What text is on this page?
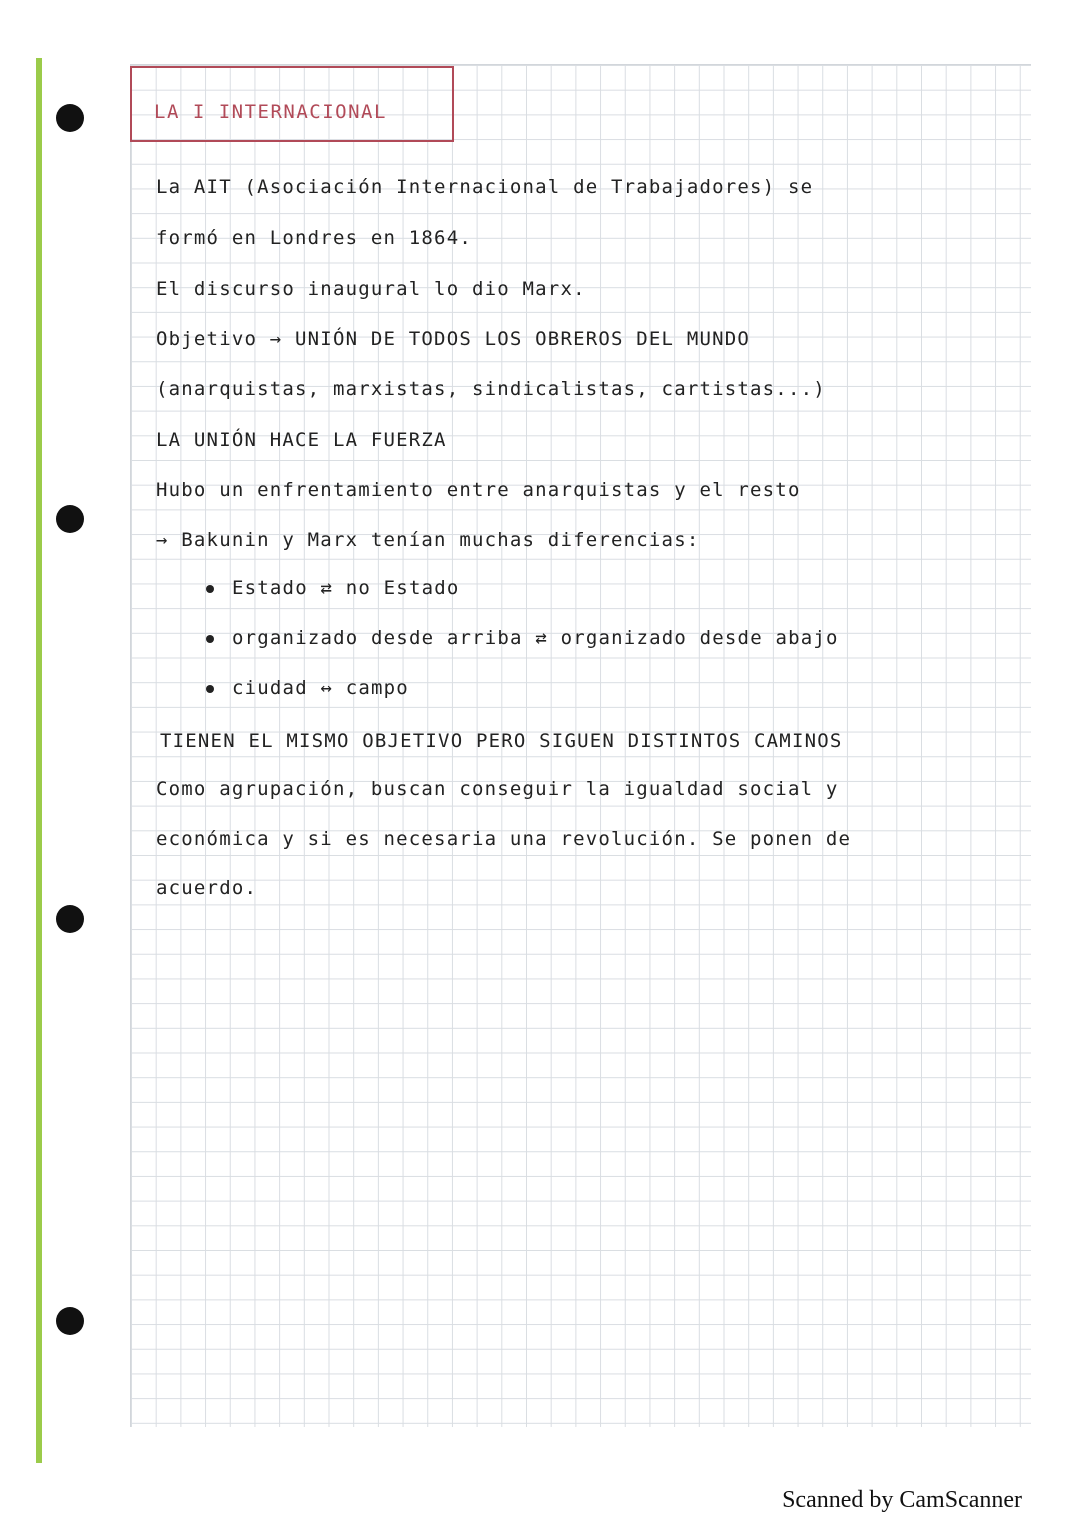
LA I INTERNACIONAL
La AIT (Asociación Internacional de Trabajadores) se
formó en Londres en 1864.
El discurso inaugural lo dio Marx.
Objetivo → UNIÓN DE TODOS LOS OBREROS DEL MUNDO
(anarquistas, marxistas, sindicalistas, cartistas...)
LA UNIÓN HACE LA FUERZA
Hubo un enfrentamiento entre anarquistas y el resto
→ Bakunin y Marx tenían muchas diferencias:
Estado ⇄ no Estado
organizado desde arriba ⇄ organizado desde abajo
ciudad ↔ campo
TIENEN EL MISMO OBJETIVO PERO SIGUEN DISTINTOS CAMINOS
Como agrupación, buscan conseguir la igualdad social y
económica y si es necesaria una revolución. Se ponen de
acuerdo.
Scanned by CamScanner
